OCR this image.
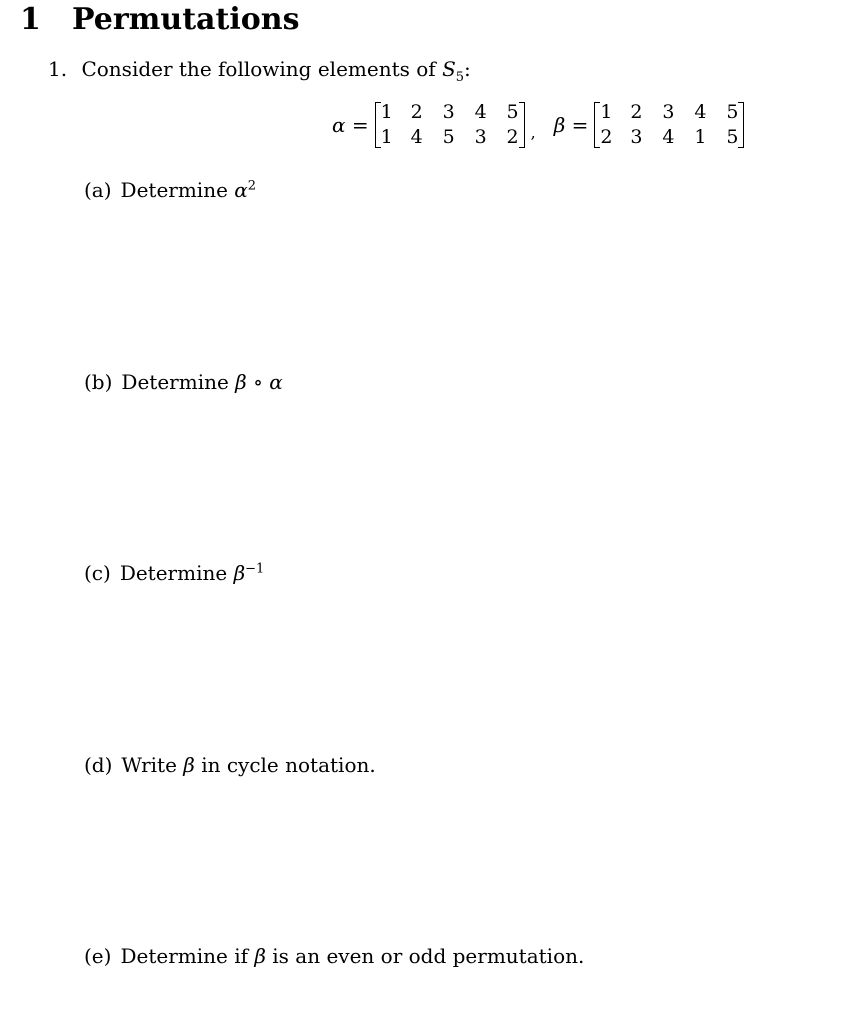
1 Permutations
1. Consider the following elements of $S_5$:
α =
1 2	3	4	5
1 4	5	3	2 , β =
1 2	3	4	5
2 3	4	1	5
(a) Determine $\alpha^2$
(b) Determine β ∘ α
(c) Determine $\beta^{-1}$
(d) Write β in cycle notation.
(e) Determine if β is an even or odd permutation.
